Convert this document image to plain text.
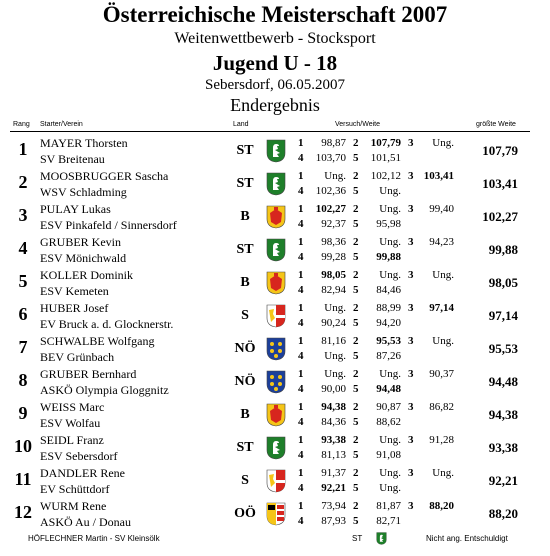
Österreichische Meisterschaft 2007
Weitenwettbewerb - Stocksport
Jugend U - 18
Sebersdorf, 06.05.2007
Endergebnis
Rang Starter/Verein	Land	Versuch/Weite	größte Weite
1	MAYER Thorsten
SV Breitenau
ST	1	98,87 2	107,79 3	Ung.
4	103,70 5	101,51	107,79
2	MOOSBRUGGER Sascha
WSV Schladming
ST	1	Ung. 2	102,12 3 103,41
4	102,36 5	Ung.	103,41
3	PULAY Lukas
ESV Pinkafeld / Sinnersdorf
B	1	102,27 2	Ung. 3	99,40
4	92,37 5	95,98	102,27
4	GRUBER Kevin
ESV Mönichwald
ST	1	98,36 2	Ung. 3	94,23
4	99,28 5	99,88	99,88
5	KOLLER Dominik
ESV Kemeten
B	1	98,05 2	Ung. 3	Ung.
4	82,94 5	84,46	98,05
6	HUBER Josef
EV Bruck a. d. Glocknerstr.
S	1	Ung. 2	88,99 3	97,14
4	90,24 5	94,20	97,14
7	SCHWALBE Wolfgang
BEV Grünbach
NÖ	1	81,16 2	95,53 3	Ung.
4	Ung. 5	87,26	95,53
8	GRUBER Bernhard
ASKÖ Olympia Gloggnitz
NÖ	1	Ung. 2	Ung. 3	90,37
4	90,00 5	94,48	94,48
9	WEISS Marc
ESV Wolfau
B	1	94,38 2	90,87 3	86,82
4	84,36 5	88,62	94,38
10 SEIDL Franz
ESV Sebersdorf
ST	1	93,38 2	Ung. 3	91,28
4	81,13 5	91,08	93,38
11 DANDLER Rene
EV Schüttdorf
S	1	91,37 2	Ung. 3	Ung.
4	92,21 5	Ung.	92,21
12 WURM Rene
ASKÖ Au / Donau
OÖ	1	73,94 2	81,87 3	88,20
4	87,93 5	82,71	88,20
HÖFLECHNER Martin - SV Kleinsölk	ST	Nicht ang. Entschuldigt
